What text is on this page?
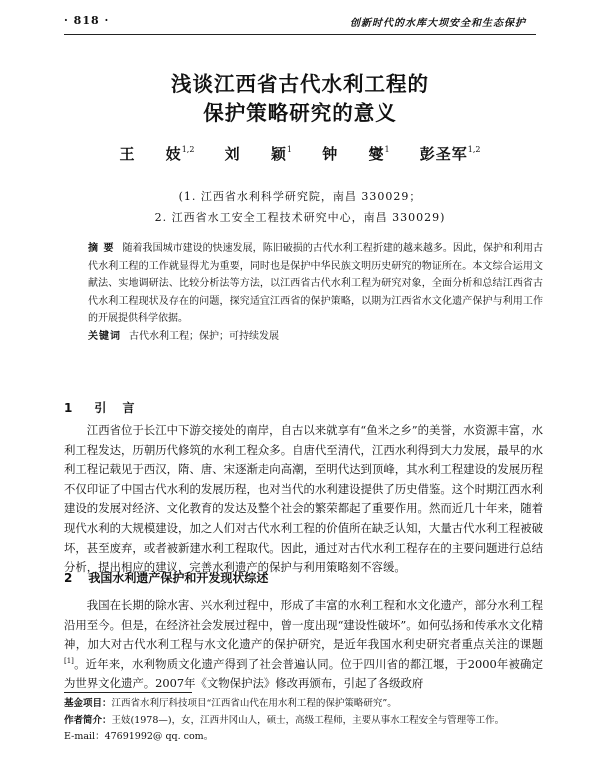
· 818 ·	创新时代的水库大坝安全和生态保护
浅谈江西省古代水利工程的
保护策略研究的意义
王 妓$^{1,2}$ 刘 颖$^1$ 钟 燮$^1$ 彭圣军$^{1,2}$
(1. 江西省水利科学研究院，南昌 330029；
2. 江西省水工安全工程技术研究中心，南昌 330029)
摘 要 随着我国城市建设的快速发展，陈旧破损的古代水利工程折建的越来越多。因此，保护和利用古代水利工程的工作就显得尤为重要，同时也是保护中华民族文明历史研究的物证所在。本文综合运用文献法、实地调研法、比较分析法等方法，以江西省古代水利工程为研究对象，全面分析和总结江西省古代水利工程现状及存在的问题，探究适宜江西省的保护策略，以期为江西省水文化遗产保护与利用工作的开展提供科学依据。
关键词 古代水利工程；保护；可持续发展
1 引 言

江西省位于长江中下游交接处的南岸，自古以来就享有“鱼米之乡”的美誉，水资源丰富，水利工程发达，历朝历代修筑的水利工程众多。自唐代至清代，江西水利得到大力发展，最早的水利工程记载见于西汉，隋、唐、宋逐渐走向高潮，至明代达到顶峰，其水利工程建设的发展历程不仅印证了中国古代水利的发展历程，也对当代的水利建设提供了历史借鉴。这个时期江西水利建设的发展对经济、文化教育的发达及整个社会的繁荣都起了重要作用。然而近几十年来，随着现代水利的大规模建设，加之人们对古代水利工程的价值所在缺乏认知，大量古代水利工程被破坏，甚至废弃，或者被新建水利工程取代。因此，通过对古代水利工程存在的主要问题进行总结分析，提出相应的建议，完善水利遗产的保护与利用策略刻不容缓。

2 我国水利遗产保护和开发现状综述

我国在长期的除水害、兴水利过程中，形成了丰富的水利工程和水文化遗产，部分水利工程沿用至今。但是，在经济社会发展过程中，曾一度出现“建设性破坏”。如何弘扬和传承水文化精神，加大对古代水利工程与水文化遗产的保护研究，是近年我国水利史研究者重点关注的课题[1]。近年来，水利物质文化遗产得到了社会普遍认同。位于四川省的都江堰，于2000年被确定为世界文化遗产。2007年《文物保护法》修改再颁布，引起了各级政府

基金项目：江西省水利厅科技项目“江西省山代在用水利工程的保护策略研究”。
作者简介：王妓(1978—)，女，江西井冈山人，硕士，高级工程师，主要从事水工程安全与管理等工作。
E-mail：47691992@ qq. com。
